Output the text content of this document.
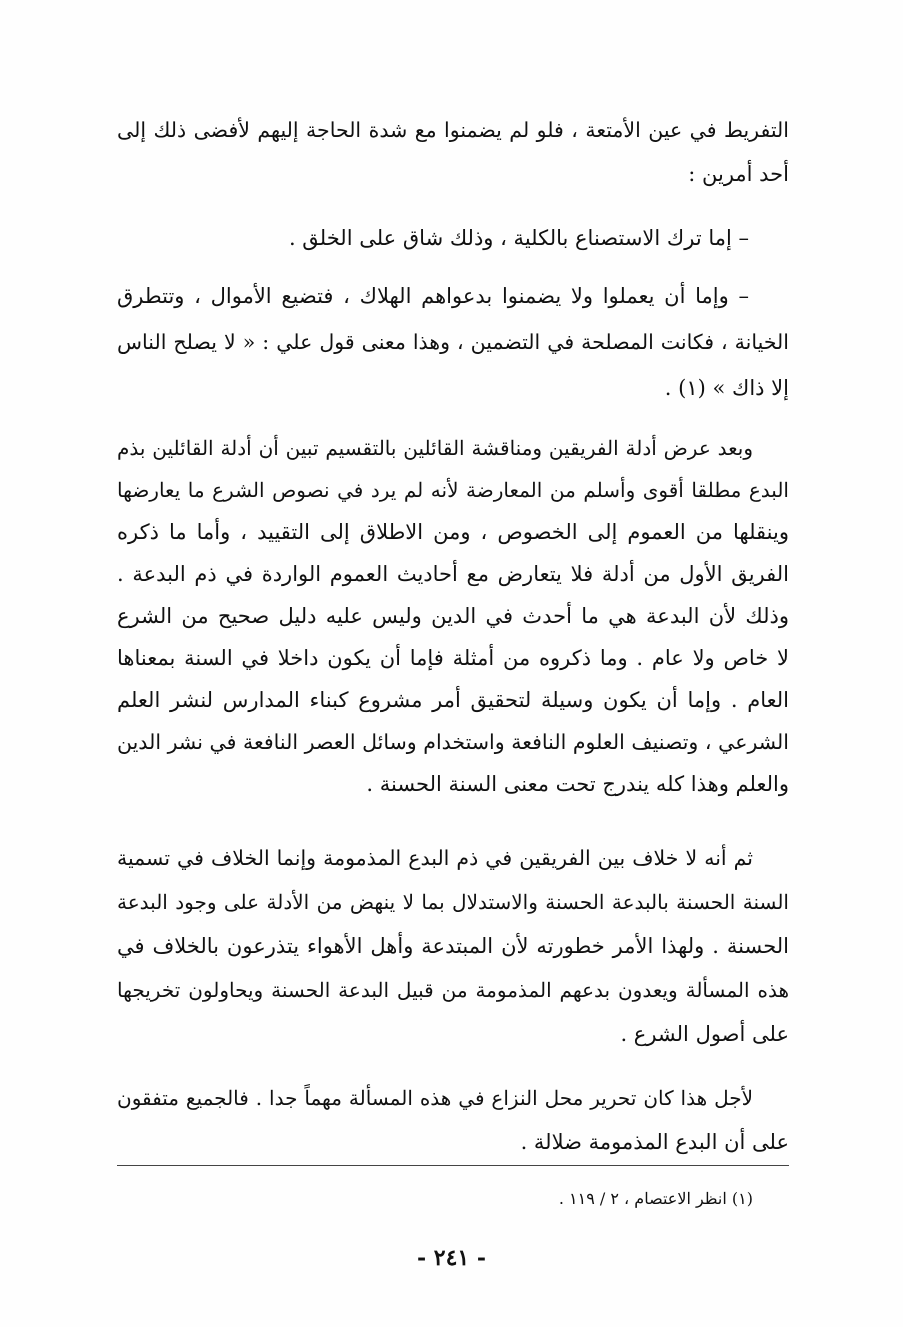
التفريط في عين الأمتعة ، فلو لم يضمنوا مع شدة الحاجة إليهم لأفضى ذلك إلى
أحد أمرين :
– إما ترك الاستصناع بالكلية ، وذلك شاق على الخلق .
– وإما أن يعملوا ولا يضمنوا بدعواهم الهلاك ، فتضيع الأموال ، وتتطرق
الخيانة ، فكانت المصلحة في التضمين ، وهذا معنى قول علي : « لا يصلح الناس
إلا ذاك » (١) .
وبعد عرض أدلة الفريقين ومناقشة القائلين بالتقسيم تبين أن أدلة القائلين بذم
البدع مطلقا أقوى وأسلم من المعارضة لأنه لم يرد في نصوص الشرع ما يعارضها
وينقلها من العموم إلى الخصوص ، ومن الاطلاق إلى التقييد ، وأما ما ذكره
الفريق الأول من أدلة فلا يتعارض مع أحاديث العموم الواردة في ذم البدعة .
وذلك لأن البدعة هي ما أحدث في الدين وليس عليه دليل صحيح من الشرع
لا خاص ولا عام . وما ذكروه من أمثلة فإما أن يكون داخلا في السنة بمعناها
العام . وإما أن يكون وسيلة لتحقيق أمر مشروع كبناء المدارس لنشر العلم
الشرعي ، وتصنيف العلوم النافعة واستخدام وسائل العصر النافعة في نشر الدين
والعلم وهذا كله يندرج تحت معنى السنة الحسنة .
ثم أنه لا خلاف بين الفريقين في ذم البدع المذمومة وإنما الخلاف في تسمية
السنة الحسنة بالبدعة الحسنة والاستدلال بما لا ينهض من الأدلة على وجود البدعة
الحسنة . ولهذا الأمر خطورته لأن المبتدعة وأهل الأهواء يتذرعون بالخلاف في
هذه المسألة ويعدون بدعهم المذمومة من قبيل البدعة الحسنة ويحاولون تخريجها
على أصول الشرع .
لأجل هذا كان تحرير محل النزاع في هذه المسألة مهماً جدا . فالجميع متفقون
على أن البدع المذمومة ضلالة .
(١) انظر الاعتصام ، ٢ / ١١٩ .
- ٢٤١ -
